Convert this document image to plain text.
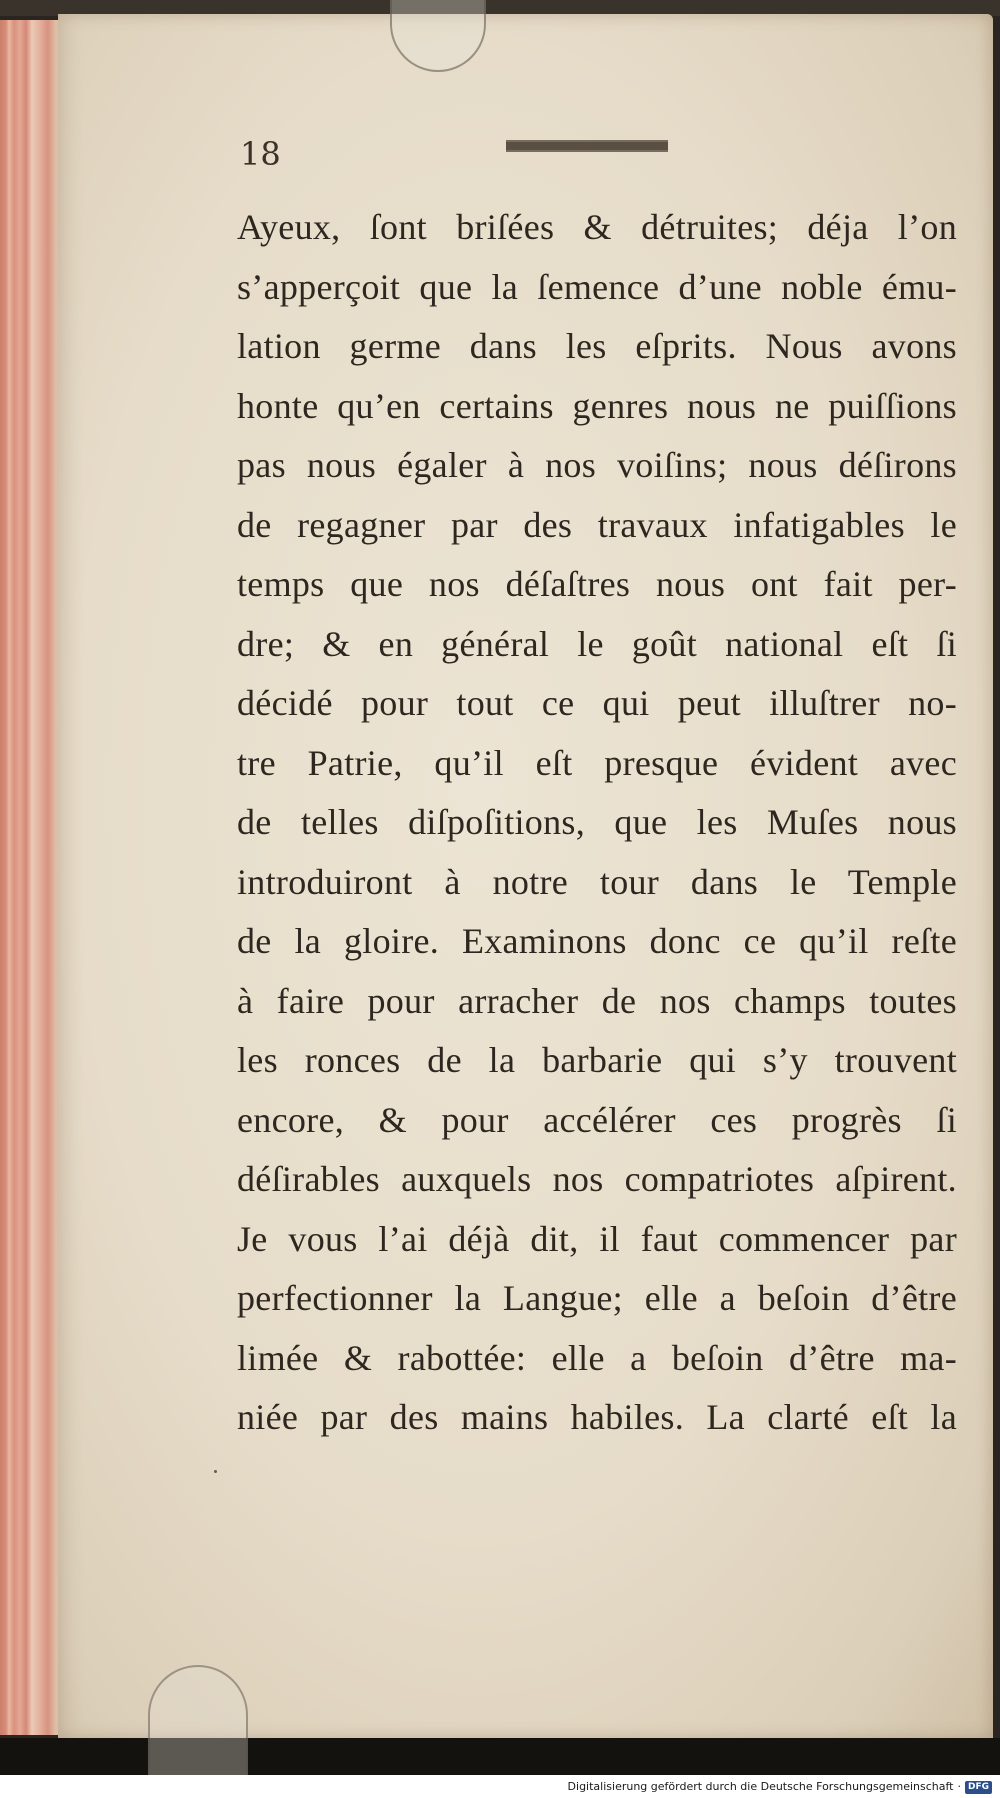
18
Ayeux, ſont briſées & détruites; déja l’on
s’apperçoit que la ſemence d’une noble ému-
lation germe dans les eſprits. Nous avons
honte qu’en certains genres nous ne puiſſions
pas nous égaler à nos voiſins; nous déſirons
de regagner par des travaux infatigables le
temps que nos déſaſtres nous ont fait per-
dre; & en général le goût national eſt ſi
décidé pour tout ce qui peut illuſtrer no-
tre Patrie, qu’il eſt presque évident avec
de telles diſpoſitions, que les Muſes nous
introduiront à notre tour dans le Temple
de la gloire. Examinons donc ce qu’il reſte
à faire pour arracher de nos champs toutes
les ronces de la barbarie qui s’y trouvent
encore, & pour accélérer ces progrès ſi
déſirables auxquels nos compatriotes aſpirent.
Je vous l’ai déjà dit, il faut commencer par
perfectionner la Langue; elle a beſoin d’être
limée & rabottée: elle a beſoin d’être ma-
niée par des mains habiles. La clarté eſt la
Digitalisierung gefördert durch die Deutsche Forschungsgemeinschaft · DFG
